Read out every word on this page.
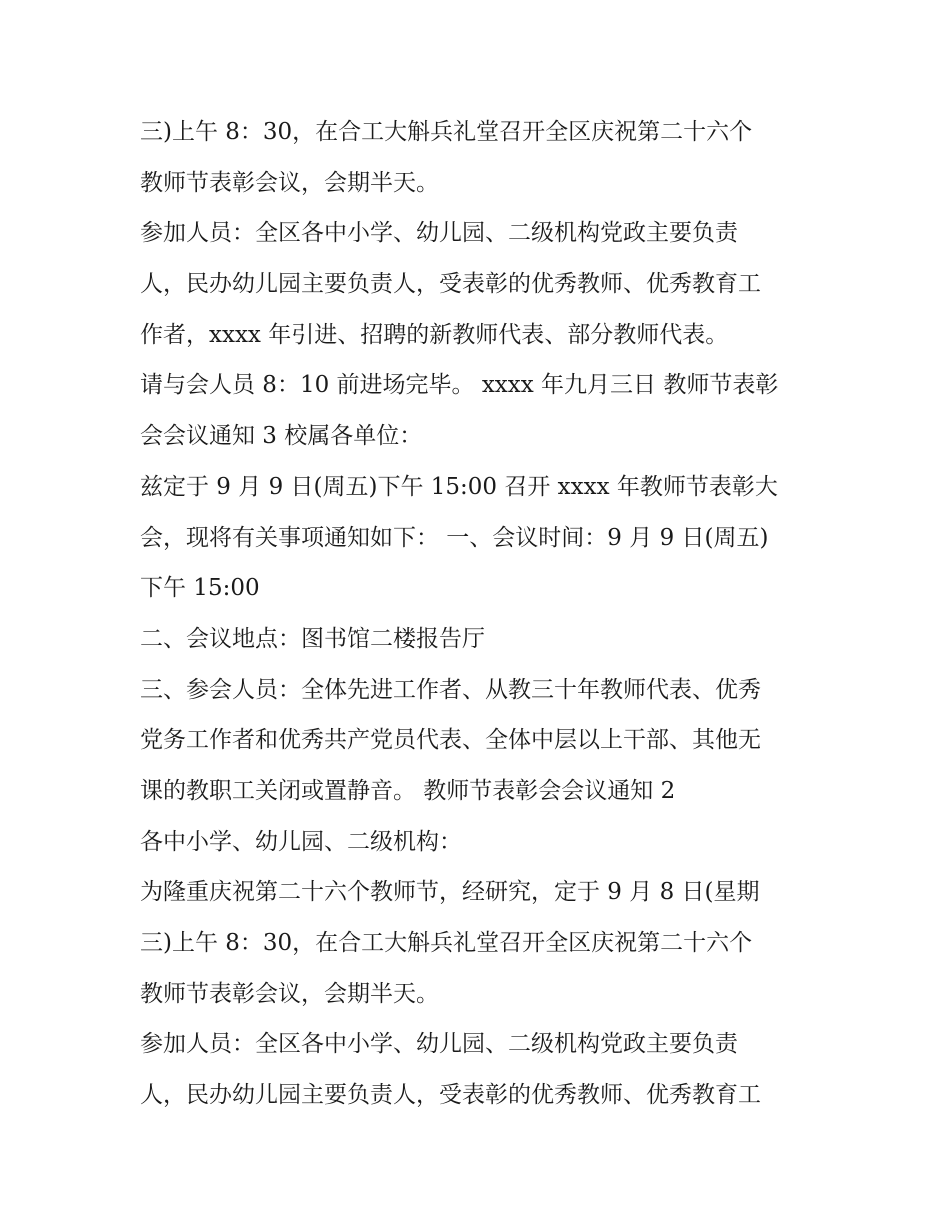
三)上午 8：30，在合工大斛兵礼堂召开全区庆祝第二十六个
教师节表彰会议，会期半天。
参加人员：全区各中小学、幼儿园、二级机构党政主要负责
人，民办幼儿园主要负责人，受表彰的优秀教师、优秀教育工
作者，xxxx 年引进、招聘的新教师代表、部分教师代表。
请与会人员 8：10 前进场完毕。 xxxx 年九月三日 教师节表彰
会会议通知 3 校属各单位：
兹定于 9 月 9 日(周五)下午 15:00 召开 xxxx 年教师节表彰大
会，现将有关事项通知如下： 一、会议时间：9 月 9 日(周五)
下午 15:00
二、会议地点：图书馆二楼报告厅
三、参会人员：全体先进工作者、从教三十年教师代表、优秀
党务工作者和优秀共产党员代表、全体中层以上干部、其他无
课的教职工关闭或置静音。 教师节表彰会会议通知 2
各中小学、幼儿园、二级机构：
为隆重庆祝第二十六个教师节，经研究，定于 9 月 8 日(星期
三)上午 8：30，在合工大斛兵礼堂召开全区庆祝第二十六个
教师节表彰会议，会期半天。
参加人员：全区各中小学、幼儿园、二级机构党政主要负责
人，民办幼儿园主要负责人，受表彰的优秀教师、优秀教育工
